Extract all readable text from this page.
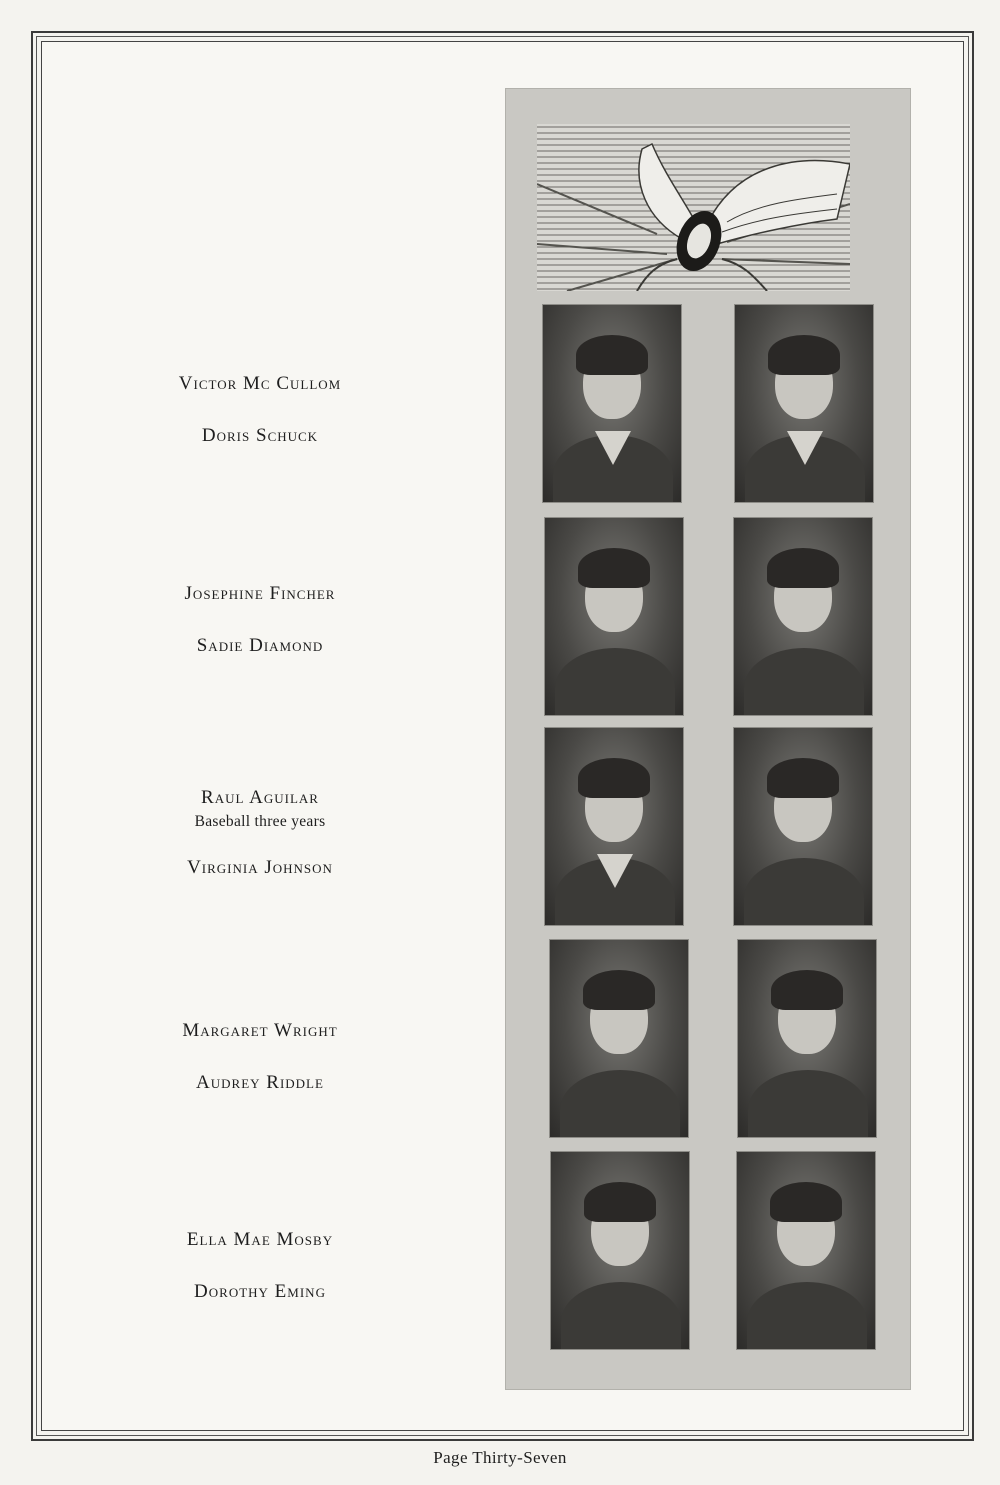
Victor Mc Cullom
Doris Schuck
Josephine Fincher
Sadie Diamond
Raul Aguilar
Baseball three years
Virginia Johnson
Margaret Wright
Audrey Riddle
Ella Mae Mosby
Dorothy Eming
Page Thirty-Seven
